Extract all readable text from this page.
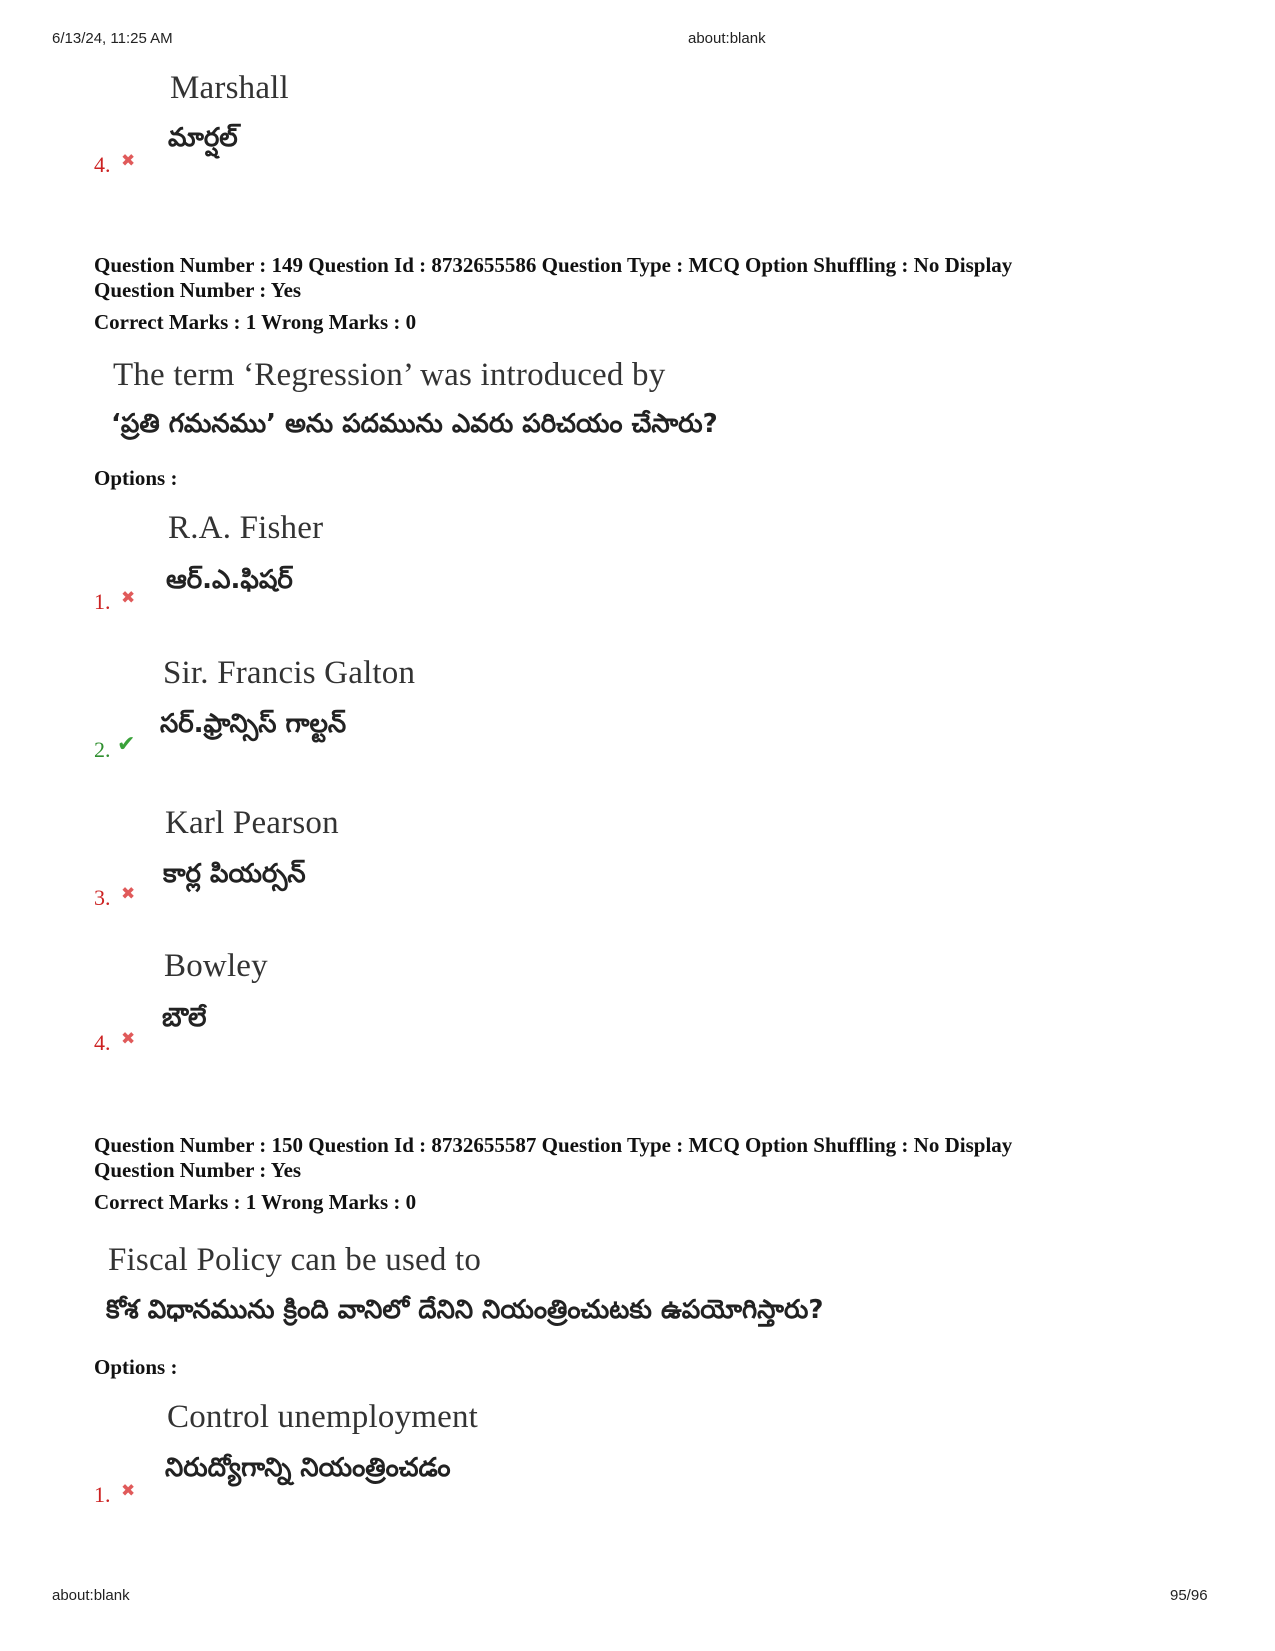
6/13/24, 11:25 AM	about:blank
Marshall
మార్షల్
4. ✖
Question Number : 149 Question Id : 8732655586 Question Type : MCQ Option Shuffling : No Display
Question Number : Yes
Correct Marks : 1 Wrong Marks : 0
The term ‘Regression’ was introduced by
‘ప్రతి గమనము’ అను పదమును ఎవరు పరిచయం చేసారు?
Options :
R.A. Fisher
ఆర్.ఎ.ఫిషర్
1. ✖
Sir. Francis Galton
సర్.ఫ్రాన్సిస్ గాల్టన్
2. ✔
Karl Pearson
కార్ల పియర్సన్
3. ✖
Bowley
బౌలే
4. ✖
Question Number : 150 Question Id : 8732655587 Question Type : MCQ Option Shuffling : No Display
Question Number : Yes
Correct Marks : 1 Wrong Marks : 0
Fiscal Policy can be used to
కోశ విధానమును క్రింది వానిలో దేనిని నియంత్రించుటకు ఉపయోగిస్తారు?
Options :
Control unemployment
నిరుద్యోగాన్ని నియంత్రించడం
1. ✖
about:blank	95/96
